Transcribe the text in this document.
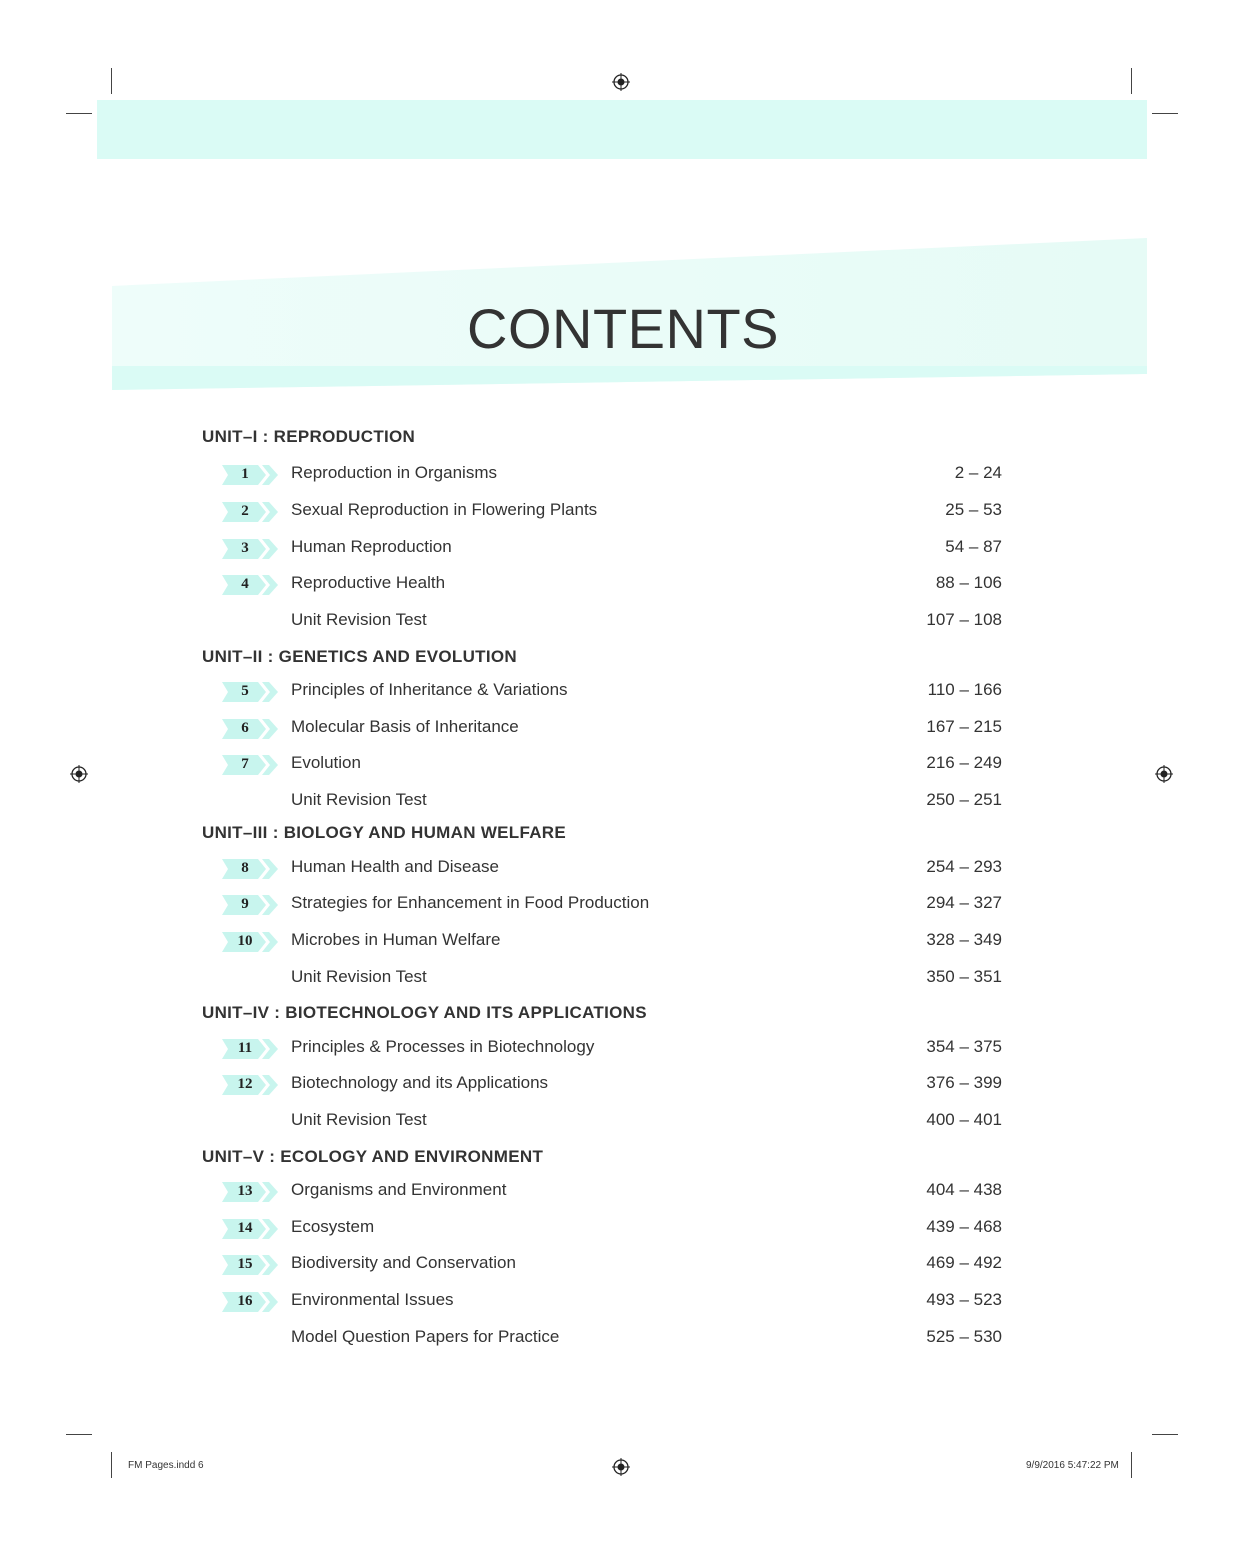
CONTENTS
UNIT–I : REPRODUCTION
1	Reproduction in Organisms	2 – 24
2	Sexual Reproduction in Flowering Plants	25 – 53
3	Human Reproduction	54 – 87
4	Reproductive Health	88 – 106
Unit Revision Test	107 – 108
UNIT–II : GENETICS AND EVOLUTION
5	Principles of Inheritance & Variations	110 – 166
6	Molecular Basis of Inheritance	167 – 215
7	Evolution	216 – 249
Unit Revision Test	250 – 251
UNIT–III : BIOLOGY AND HUMAN WELFARE
8	Human Health and Disease	254 – 293
9	Strategies for Enhancement in Food Production	294 – 327
10	Microbes in Human Welfare	328 – 349
Unit Revision Test	350 – 351
UNIT–IV : BIOTECHNOLOGY AND ITS APPLICATIONS
11	Principles & Processes in Biotechnology	354 – 375
12	Biotechnology and its Applications	376 – 399
Unit Revision Test	400 – 401
UNIT–V : ECOLOGY AND ENVIRONMENT
13	Organisms and Environment	404 – 438
14	Ecosystem	439 – 468
15	Biodiversity and Conservation	469 – 492
16	Environmental Issues	493 – 523
Model Question Papers for Practice	525 – 530
FM Pages.indd 6	9/9/2016 5:47:22 PM
